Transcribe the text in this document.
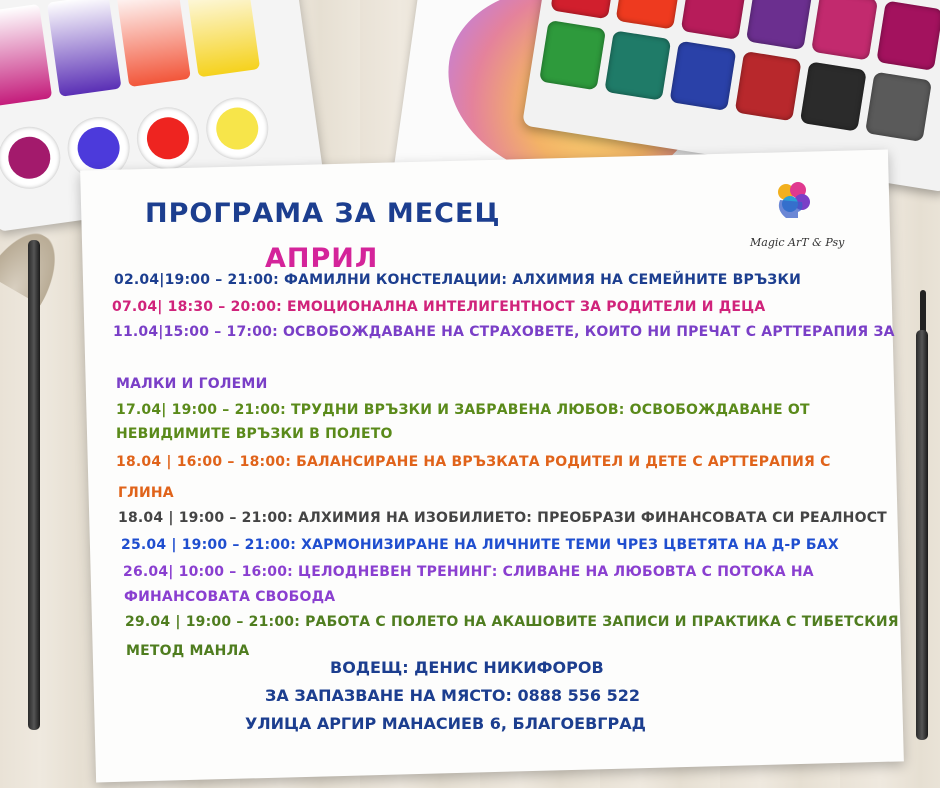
ПРОГРАМА ЗА МЕСЕЦ
АПРИЛ
Magic ArT & Psy
02.04|19:00 – 21:00: ФАМИЛНИ КОНСТЕЛАЦИИ: АЛХИМИЯ НА СЕМЕЙНИТЕ ВРЪЗКИ
07.04| 18:30 – 20:00: ЕМОЦИОНАЛНА ИНТЕЛИГЕНТНОСТ ЗА РОДИТЕЛИ И ДЕЦА
11.04|15:00 – 17:00: ОСВОБОЖДАВАНЕ НА СТРАХОВЕТЕ, КОИТО НИ ПРЕЧАТ С АРТТЕРАПИЯ ЗА
МАЛКИ И ГОЛЕМИ
17.04| 19:00 – 21:00: ТРУДНИ ВРЪЗКИ И ЗАБРАВЕНА ЛЮБОВ: ОСВОБОЖДАВАНЕ ОТ
НЕВИДИМИТЕ ВРЪЗКИ В ПОЛЕТО
18.04 | 16:00 – 18:00: БАЛАНСИРАНЕ НА ВРЪЗКАТА РОДИТЕЛ И ДЕТЕ С АРТТЕРАПИЯ С
ГЛИНА
18.04 | 19:00 – 21:00: АЛХИМИЯ НА ИЗОБИЛИЕТО: ПРЕОБРАЗИ ФИНАНСОВАТА СИ РЕАЛНОСТ
25.04 | 19:00 – 21:00: ХАРМОНИЗИРАНЕ НА ЛИЧНИТЕ ТЕМИ ЧРЕЗ ЦВЕТЯТА НА Д-Р БАХ
26.04| 10:00 – 16:00: ЦЕЛОДНЕВЕН ТРЕНИНГ: СЛИВАНЕ НА ЛЮБОВТА С ПОТОКА НА
ФИНАНСОВАТА СВОБОДА
29.04 | 19:00 – 21:00: РАБОТА С ПОЛЕТО НА АКАШОВИТЕ ЗАПИСИ И ПРАКТИКА С ТИБЕТСКИЯ
МЕТОД МАНЛА
ВОДЕЩ: ДЕНИС НИКИФОРОВ
ЗА ЗАПАЗВАНЕ НА МЯСТО: 0888 556 522
УЛИЦА АРГИР МАНАСИЕВ 6, БЛАГОЕВГРАД
